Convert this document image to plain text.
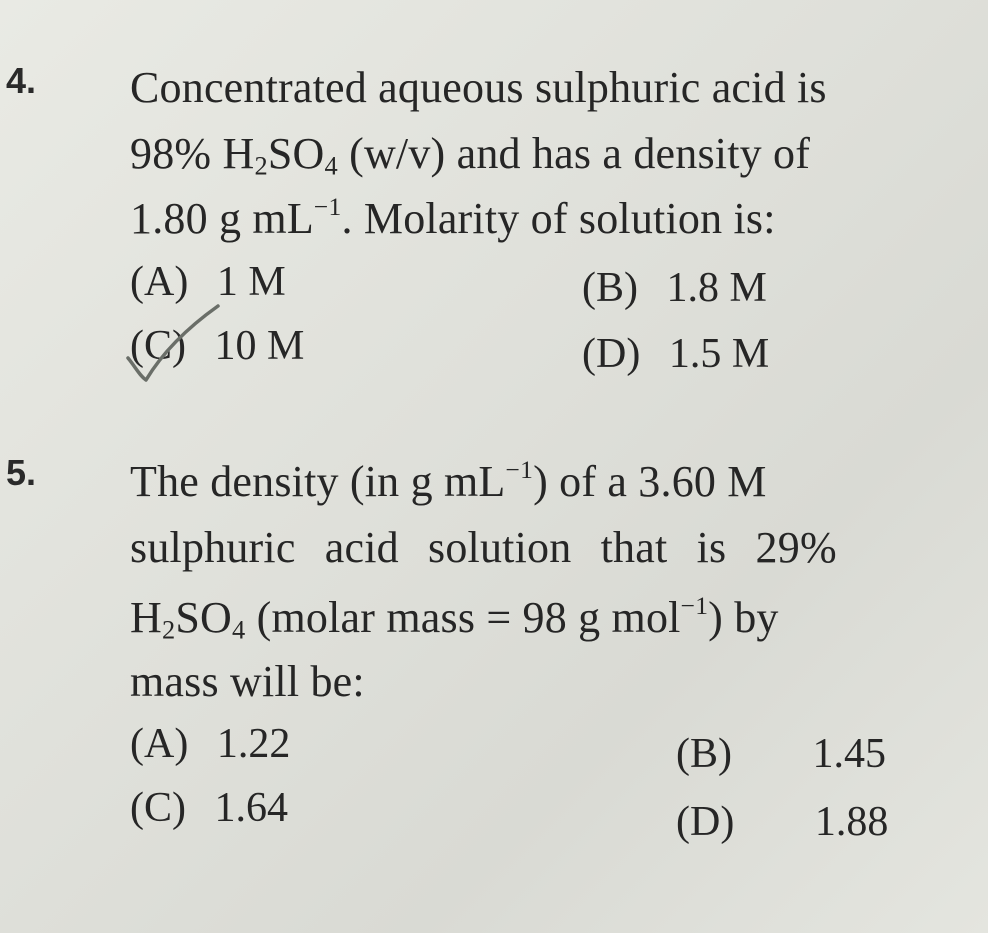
4. Concentrated aqueous sulphuric acid is
98% $H_2SO_4$ (w/v) and has a density of
1.80 g $mL^{-1}$. Molarity of solution is:
(A) 1 M	(B) 1.8 M
(C) 10 M	(D) 1.5 M
5. The density (in g $mL^{-1}$) of a 3.60 M
sulphuric acid solution that is 29%
$H_2SO_4$ (molar mass = 98 g mol$^{-1}$) by
mass will be:
(A) 1.22	(B) 1.45
(C) 1.64	(D) 1.88
